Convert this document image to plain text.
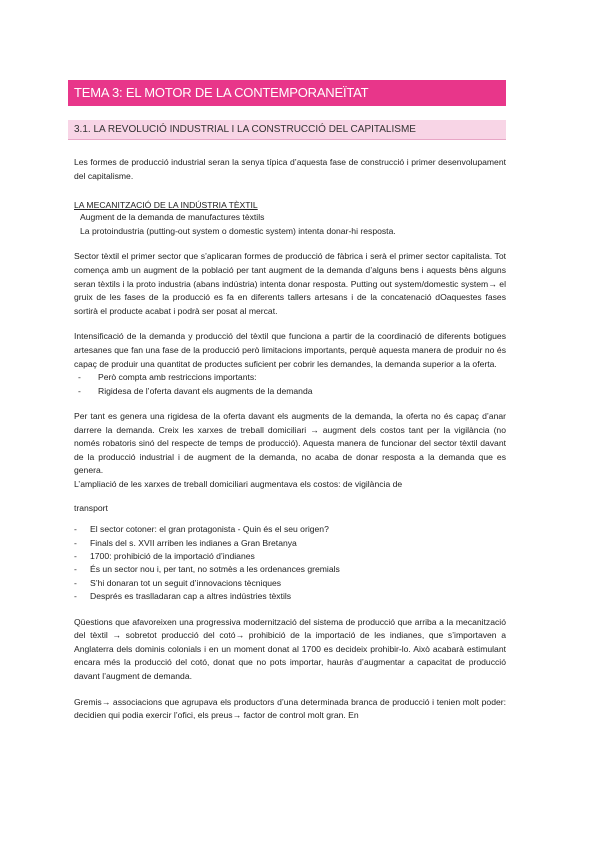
TEMA 3: EL MOTOR DE LA CONTEMPORANEÏTAT
3.1. LA REVOLUCIÓ INDUSTRIAL I LA CONSTRUCCIÓ DEL CAPITALISME

Les formes de producció industrial seran la senya típica d’aquesta fase de construcció i primer desenvolupament del capitalisme.

LA MECANITZACIÓ DE LA INDÚSTRIA TÈXTIL

Augment de la demanda de manufactures tèxtils

La protoindustria (putting-out system o domestic system) intenta donar-hi resposta.

Sector tèxtil el primer sector que s’aplicaran formes de producció de fàbrica i serà el primer sector capitalista. Tot comença amb un augment de la població per tant augment de la demanda d’alguns bens i aquests bèns alguns seran tèxtils i la proto industria (abans indústria) intenta donar resposta. Putting out system/domestic system→ el gruix de les fases de la producció es fa en diferents tallers artesans i de la concatenació dOaquestes fases sortirà el producte acabat i podrà ser posat al mercat.

Intensificació de la demanda y producció del tèxtil que funciona a partir de la coordinació de diferents botigues artesanes que fan una fase de la producció però limitacions importants, perquè aquesta manera de produir no és capaç de produir una quantitat de productes suficient per cobrir les demandes, la demanda superior a la oferta.

- Però compta amb restriccions importants:
- Rigidesa de l’oferta davant els augments de la demanda

Per tant es genera una rigidesa de la oferta davant els augments de la demanda, la oferta no és capaç d’anar darrere la demanda. Creix les xarxes de treball domiciliari → augment dels costos tant per la vigilància (no només robatoris sinó del respecte de temps de producció). Aquesta manera de funcionar del sector tèxtil davant de la producció industrial i de augment de la demanda, no acaba de donar resposta a la demanda que es genera.

L’ampliació de les xarxes de treball domiciliari augmentava els costos: de vigilància de

transport
- El sector cotoner: el gran protagonista - Quin és el seu origen?
- Finals del s. XVII arriben les indianes a Gran Bretanya
- 1700: prohibició de la importació d’indianes
- És un sector nou i, per tant, no sotmès a les ordenances gremials
- S’hi donaran tot un seguit d’innovacions tècniques
- Després es traslladaran cap a altres indústries tèxtils

Qüestions que afavoreixen una progressiva modernització del sistema de producció que arriba a la mecanització del tèxtil → sobretot producció del cotó→ prohibició de la importació de les indianes, que s’importaven a Anglaterra dels dominis colonials i en un moment donat al 1700 es decideix prohibir-lo. Això acabarà estimulant encara més la producció del cotó, donat que no pots importar, hauràs d’augmentar a capacitat de producció davant l’augment de demanda.

Gremis→ associacions que agrupava els productors d’una determinada branca de producció i tenien molt poder: decidien qui podia exercir l’ofici, els preus→ factor de control molt gran. En
